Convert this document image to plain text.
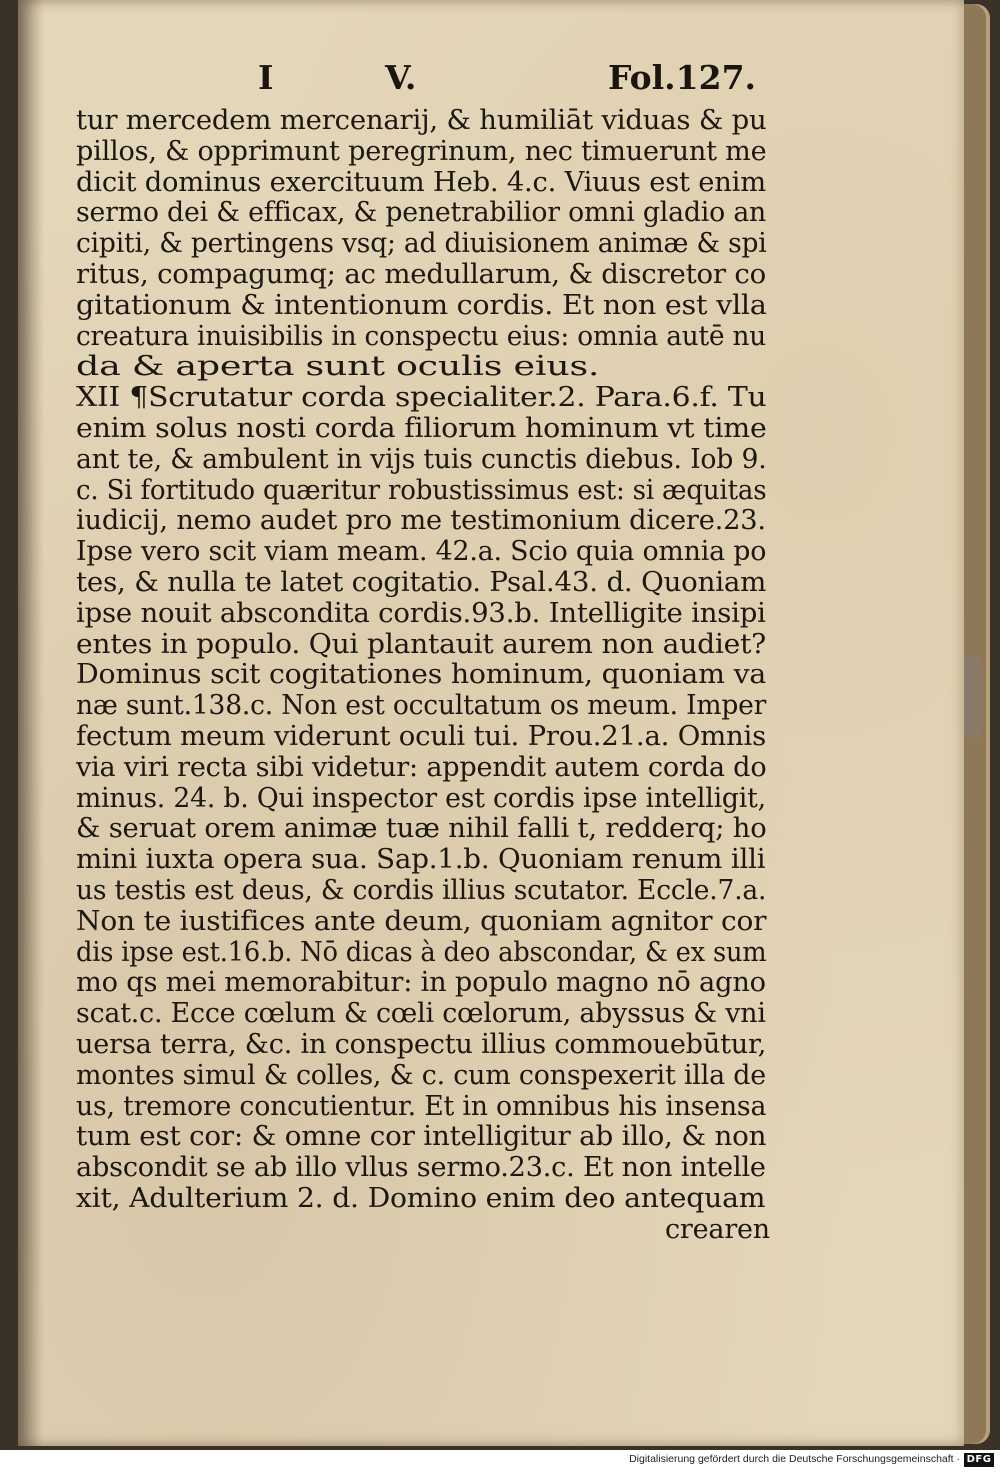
I	V.	Fol.127.
tur mercedem mercenarij, & humiliāt viduas & pu
pillos, & opprimunt peregrinum, nec timuerunt me
dicit dominus exercituum Heb. 4.c. Viuus est enim
sermo dei & efficax, & penetrabilior omni gladio an
cipiti, & pertingens vsq; ad diuisionem animæ & spi
ritus, compagumq; ac medullarum, & discretor co
gitationum & intentionum cordis. Et non est vlla
creatura inuisibilis in conspectu eius: omnia autē nu
da & aperta sunt oculis eius.
XII ¶Scrutatur corda specialiter.2. Para.6.f. Tu
enim solus nosti corda filiorum hominum vt time
ant te, & ambulent in vijs tuis cunctis diebus. Iob 9.
c. Si fortitudo quæritur robustissimus est: si æquitas
iudicij, nemo audet pro me testimonium dicere.23.
Ipse vero scit viam meam. 42.a. Scio quia omnia po
tes, & nulla te latet cogitatio. Psal.43. d. Quoniam
ipse nouit abscondita cordis.93.b. Intelligite insipi
entes in populo. Qui plantauit aurem non audiet?
Dominus scit cogitationes hominum, quoniam va
næ sunt.138.c. Non est occultatum os meum. Imper
fectum meum viderunt oculi tui. Prou.21.a. Omnis
via viri recta sibi videtur: appendit autem corda do
minus. 24. b. Qui inspector est cordis ipse intelligit,
& seruat orem animæ tuæ nihil falli t, redderq; ho
mini iuxta opera sua. Sap.1.b. Quoniam renum illi
us testis est deus, & cordis illius scutator. Eccle.7.a.
Non te iustifices ante deum, quoniam agnitor cor
dis ipse est.16.b. Nō dicas à deo abscondar, & ex sum
mo qs mei memorabitur: in populo magno nō agno
scat.c. Ecce cœlum & cœli cœlorum, abyssus & vni
uersa terra, &c. in conspectu illius commouebūtur,
montes simul & colles, & c. cum conspexerit illa de
us, tremore concutientur. Et in omnibus his insensa
tum est cor: & omne cor intelligitur ab illo, & non
abscondit se ab illo vllus sermo.23.c. Et non intelle
xit, Adulterium 2. d. Domino enim deo antequam
crearen
Digitalisierung gefördert durch die Deutsche Forschungsgemeinschaft · DFG
